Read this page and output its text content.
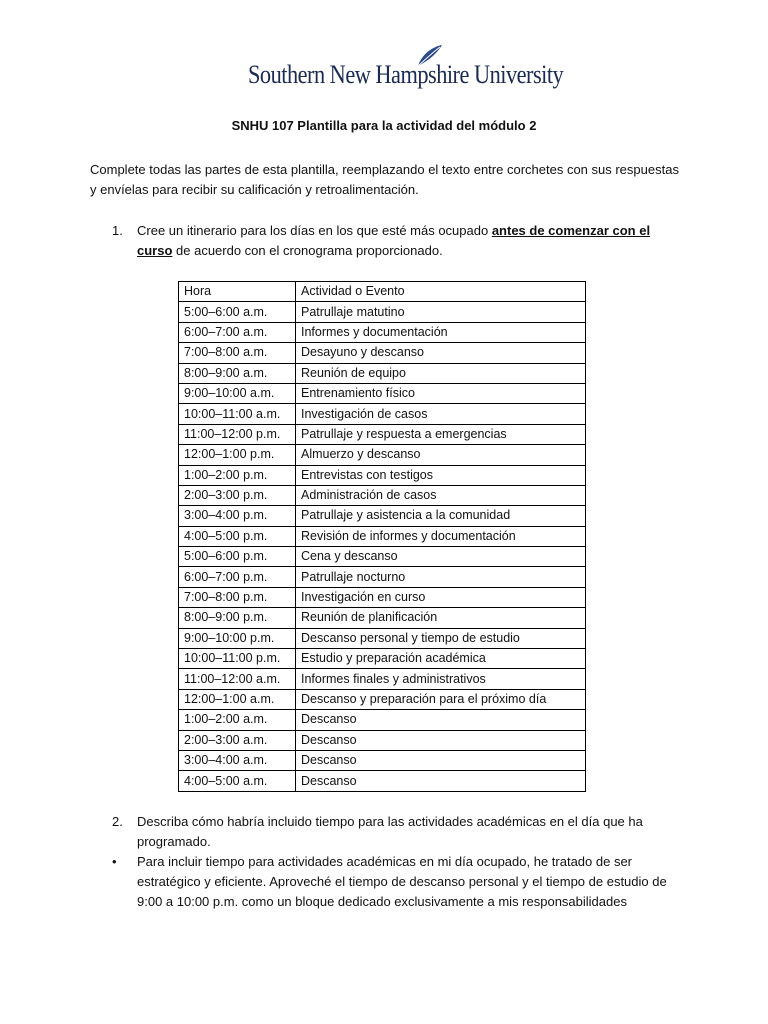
Southern New Hampshire University
SNHU 107 Plantilla para la actividad del módulo 2
Complete todas las partes de esta plantilla, reemplazando el texto entre corchetes con sus respuestas y envíelas para recibir su calificación y retroalimentación.
1. Cree un itinerario para los días en los que esté más ocupado antes de comenzar con el curso de acuerdo con el cronograma proporcionado.
Hora	Actividad o Evento
5:00–6:00 a.m.	Patrullaje matutino
6:00–7:00 a.m.	Informes y documentación
7:00–8:00 a.m.	Desayuno y descanso
8:00–9:00 a.m.	Reunión de equipo
9:00–10:00 a.m.	Entrenamiento físico
10:00–11:00 a.m.	Investigación de casos
11:00–12:00 p.m.	Patrullaje y respuesta a emergencias
12:00–1:00 p.m.	Almuerzo y descanso
1:00–2:00 p.m.	Entrevistas con testigos
2:00–3:00 p.m.	Administración de casos
3:00–4:00 p.m.	Patrullaje y asistencia a la comunidad
4:00–5:00 p.m.	Revisión de informes y documentación
5:00–6:00 p.m.	Cena y descanso
6:00–7:00 p.m.	Patrullaje nocturno
7:00–8:00 p.m.	Investigación en curso
8:00–9:00 p.m.	Reunión de planificación
9:00–10:00 p.m.	Descanso personal y tiempo de estudio
10:00–11:00 p.m.	Estudio y preparación académica
11:00–12:00 a.m.	Informes finales y administrativos
12:00–1:00 a.m.	Descanso y preparación para el próximo día
1:00–2:00 a.m.	Descanso
2:00–3:00 a.m.	Descanso
3:00–4:00 a.m.	Descanso
4:00–5:00 a.m.	Descanso
2. Describa cómo habría incluido tiempo para las actividades académicas en el día que ha programado.
• Para incluir tiempo para actividades académicas en mi día ocupado, he tratado de ser estratégico y eficiente. Aproveché el tiempo de descanso personal y el tiempo de estudio de 9:00 a 10:00 p.m. como un bloque dedicado exclusivamente a mis responsabilidades
